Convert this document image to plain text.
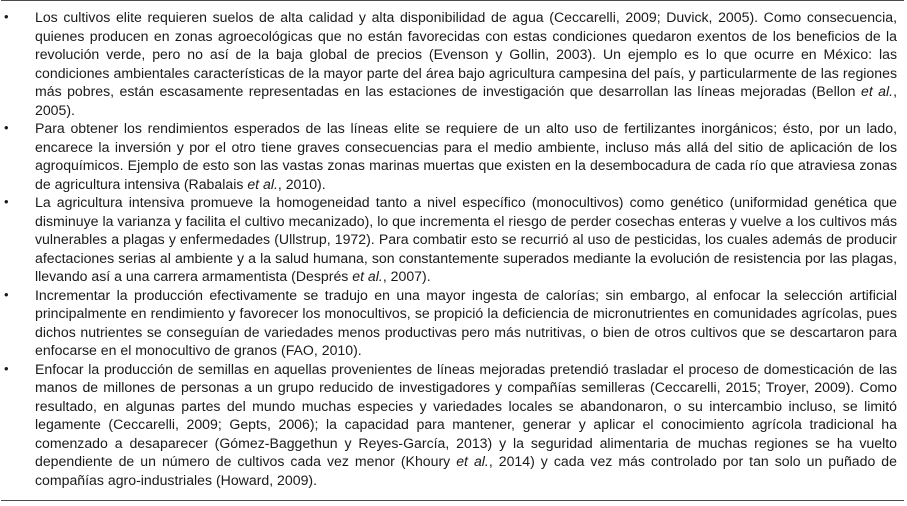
•	Los cultivos elite requieren suelos de alta calidad y alta disponibilidad de agua (Ceccarelli, 2009; Duvick, 2005). Como consecuencia, quienes producen en zonas agroecológicas que no están favorecidas con estas condiciones quedaron exentos de los beneficios de la revolución verde, pero no así de la baja global de precios (Evenson y Gollin, 2003). Un ejemplo es lo que ocurre en México: las condiciones ambientales características de la mayor parte del área bajo agricultura campesina del país, y particularmente de las regiones más pobres, están escasamente representadas en las estaciones de investigación que desarrollan las líneas mejoradas (Bellon et al., 2005).
•	Para obtener los rendimientos esperados de las líneas elite se requiere de un alto uso de fertilizantes inorgánicos; ésto, por un lado, encarece la inversión y por el otro tiene graves consecuencias para el medio ambiente, incluso más allá del sitio de aplicación de los agroquímicos. Ejemplo de esto son las vastas zonas marinas muertas que existen en la desembocadura de cada río que atraviesa zonas de agricultura intensiva (Rabalais et al., 2010).
•	La agricultura intensiva promueve la homogeneidad tanto a nivel específico (monocultivos) como genético (uniformidad genética que disminuye la varianza y facilita el cultivo mecanizado), lo que incrementa el riesgo de perder cosechas enteras y vuelve a los cultivos más vulnerables a plagas y enfermedades (Ullstrup, 1972). Para combatir esto se recurrió al uso de pesticidas, los cuales además de producir afectaciones serias al ambiente y a la salud humana, son constantemente superados mediante la evolución de resistencia por las plagas, llevando así a una carrera armamentista (Després et al., 2007).
•	Incrementar la producción efectivamente se tradujo en una mayor ingesta de calorías; sin embargo, al enfocar la selección artificial principalmente en rendimiento y favorecer los monocultivos, se propició la deficiencia de micronutrientes en comunidades agrícolas, pues dichos nutrientes se conseguían de variedades menos productivas pero más nutritivas, o bien de otros cultivos que se descartaron para enfocarse en el monocultivo de granos (FAO, 2010).
•	Enfocar la producción de semillas en aquellas provenientes de líneas mejoradas pretendió trasladar el proceso de domesticación de las manos de millones de personas a un grupo reducido de investigadores y compañías semilleras (Ceccarelli, 2015; Troyer, 2009). Como resultado, en algunas partes del mundo muchas especies y variedades locales se abandonaron, o su intercambio incluso, se limitó legamente (Ceccarelli, 2009; Gepts, 2006); la capacidad para mantener, generar y aplicar el conocimiento agrícola tradicional ha comenzado a desaparecer (Gómez-Baggethun y Reyes-García, 2013) y la seguridad alimentaria de muchas regiones se ha vuelto dependiente de un número de cultivos cada vez menor (Khoury et al., 2014) y cada vez más controlado por tan solo un puñado de compañías agro-industriales (Howard, 2009).
